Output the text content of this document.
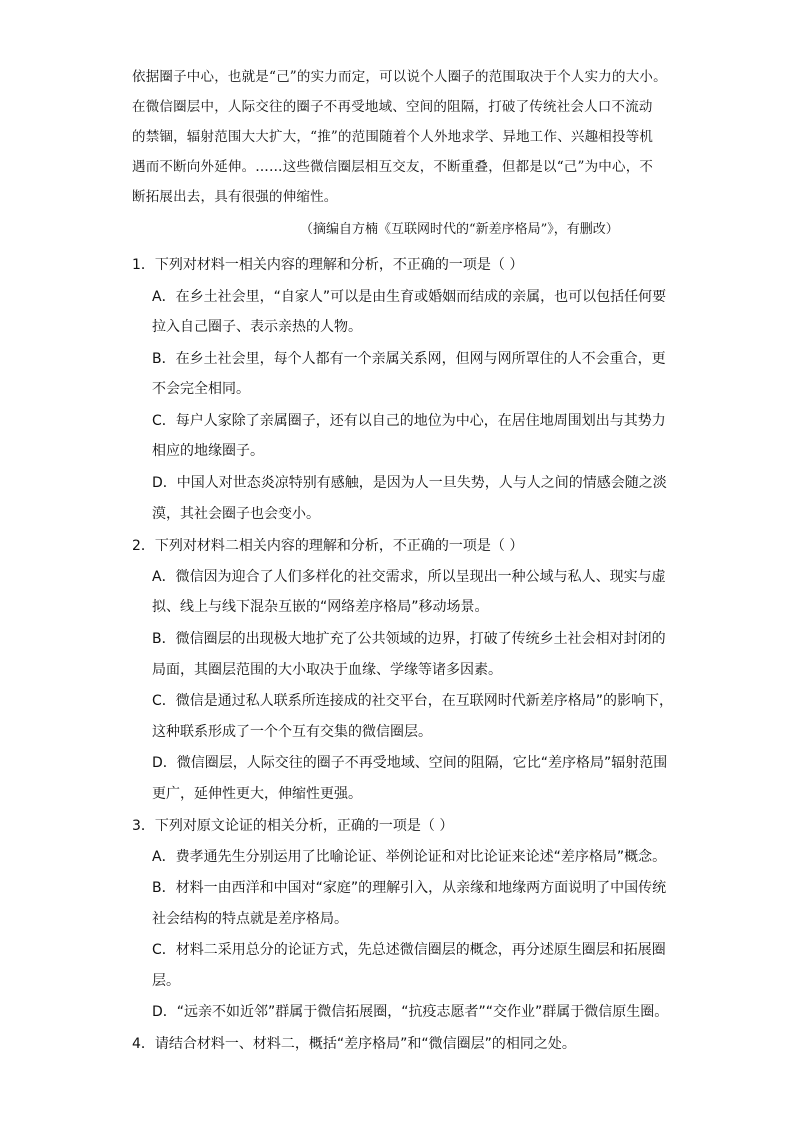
依据圈子中心，也就是“己”的实力而定，可以说个人圈子的范围取决于个人实力的大小。
在微信圈层中，人际交往的圈子不再受地域、空间的阻隔，打破了传统社会人口不流动
的禁锢，辐射范围大大扩大，“推”的范围随着个人外地求学、异地工作、兴趣相投等机
遇而不断向外延伸。……这些微信圈层相互交友，不断重叠，但都是以“己”为中心，不
断拓展出去，具有很强的伸缩性。
（摘编自方楠《互联网时代的“新差序格局”》，有删改）
1．下列对材料一相关内容的理解和分析，不正确的一项是（ ）
A．在乡土社会里，“自家人”可以是由生育或婚姻而结成的亲属，也可以包括任何要
拉入自己圈子、表示亲热的人物。
B．在乡土社会里，每个人都有一个亲属关系网，但网与网所罩住的人不会重合，更
不会完全相同。
C．每户人家除了亲属圈子，还有以自己的地位为中心，在居住地周围划出与其势力
相应的地缘圈子。
D．中国人对世态炎凉特别有感触，是因为人一旦失势，人与人之间的情感会随之淡
漠，其社会圈子也会变小。
2．下列对材料二相关内容的理解和分析，不正确的一项是（ ）
A．微信因为迎合了人们多样化的社交需求，所以呈现出一种公域与私人、现实与虚
拟、线上与线下混杂互嵌的“网络差序格局”移动场景。
B．微信圈层的出现极大地扩充了公共领域的边界，打破了传统乡土社会相对封闭的
局面，其圈层范围的大小取决于血缘、学缘等诸多因素。
C．微信是通过私人联系所连接成的社交平台，在互联网时代新差序格局”的影响下，
这种联系形成了一个个互有交集的微信圈层。
D．微信圈层，人际交往的圈子不再受地域、空间的阻隔，它比“差序格局”辐射范围
更广，延伸性更大，伸缩性更强。
3．下列对原文论证的相关分析，正确的一项是（ ）
A．费孝通先生分别运用了比喻论证、举例论证和对比论证来论述“差序格局”概念。
B．材料一由西洋和中国对“家庭”的理解引入，从亲缘和地缘两方面说明了中国传统
社会结构的特点就是差序格局。
C．材料二采用总分的论证方式，先总述微信圈层的概念，再分述原生圈层和拓展圈
层。
D．“远亲不如近邻”群属于微信拓展圈，“抗疫志愿者”“交作业”群属于微信原生圈。
4．请结合材料一、材料二，概括“差序格局”和“微信圈层”的相同之处。
